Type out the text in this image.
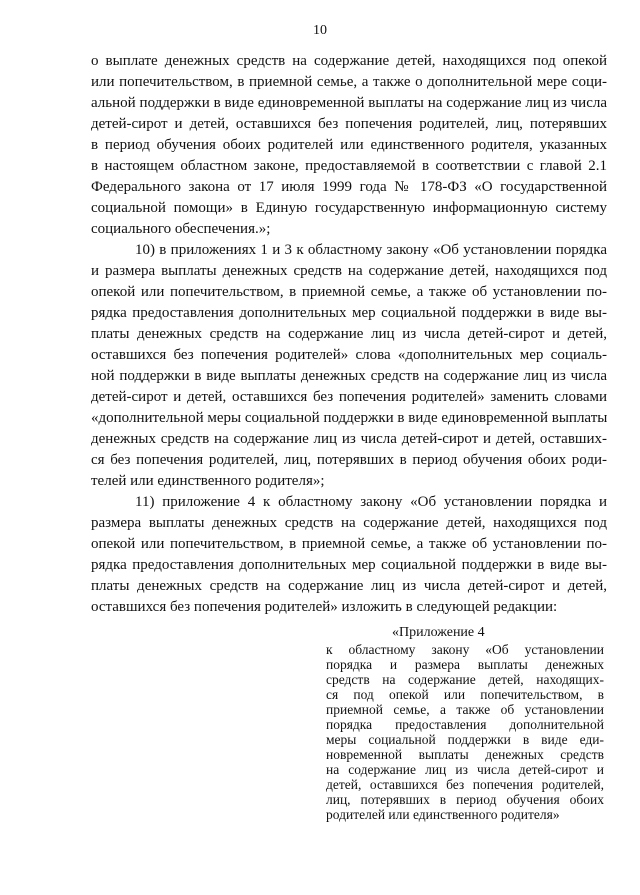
10
о выплате денежных средств на содержание детей, находящихся под опекой
или попечительством, в приемной семье, а также о дополнительной мере соци-
альной поддержки в виде единовременной выплаты на содержание лиц из числа
детей-сирот и детей, оставшихся без попечения родителей, лиц, потерявших
в период обучения обоих родителей или единственного родителя, указанных
в настоящем областном законе, предоставляемой в соответствии с главой 2.1
Федерального закона от 17 июля 1999 года № 178-ФЗ «О государственной
социальной помощи» в Единую государственную информационную систему
социального обеспечения.»;
10) в приложениях 1 и 3 к областному закону «Об установлении порядка
и размера выплаты денежных средств на содержание детей, находящихся под
опекой или попечительством, в приемной семье, а также об установлении по-
рядка предоставления дополнительных мер социальной поддержки в виде вы-
платы денежных средств на содержание лиц из числа детей-сирот и детей,
оставшихся без попечения родителей» слова «дополнительных мер социаль-
ной поддержки в виде выплаты денежных средств на содержание лиц из числа
детей-сирот и детей, оставшихся без попечения родителей» заменить словами
«дополнительной меры социальной поддержки в виде единовременной выплаты
денежных средств на содержание лиц из числа детей-сирот и детей, оставших-
ся без попечения родителей, лиц, потерявших в период обучения обоих роди-
телей или единственного родителя»;
11) приложение 4 к областному закону «Об установлении порядка и
размера выплаты денежных средств на содержание детей, находящихся под
опекой или попечительством, в приемной семье, а также об установлении по-
рядка предоставления дополнительных мер социальной поддержки в виде вы-
платы денежных средств на содержание лиц из числа детей-сирот и детей,
оставшихся без попечения родителей» изложить в следующей редакции:
«Приложение 4
к областному закону «Об установлении
порядка и размера выплаты денежных
средств на содержание детей, находящих-
ся под опекой или попечительством, в
приемной семье, а также об установлении
порядка предоставления дополнительной
меры социальной поддержки в виде еди-
новременной выплаты денежных средств
на содержание лиц из числа детей-сирот и
детей, оставшихся без попечения родителей,
лиц, потерявших в период обучения обоих
родителей или единственного родителя»
